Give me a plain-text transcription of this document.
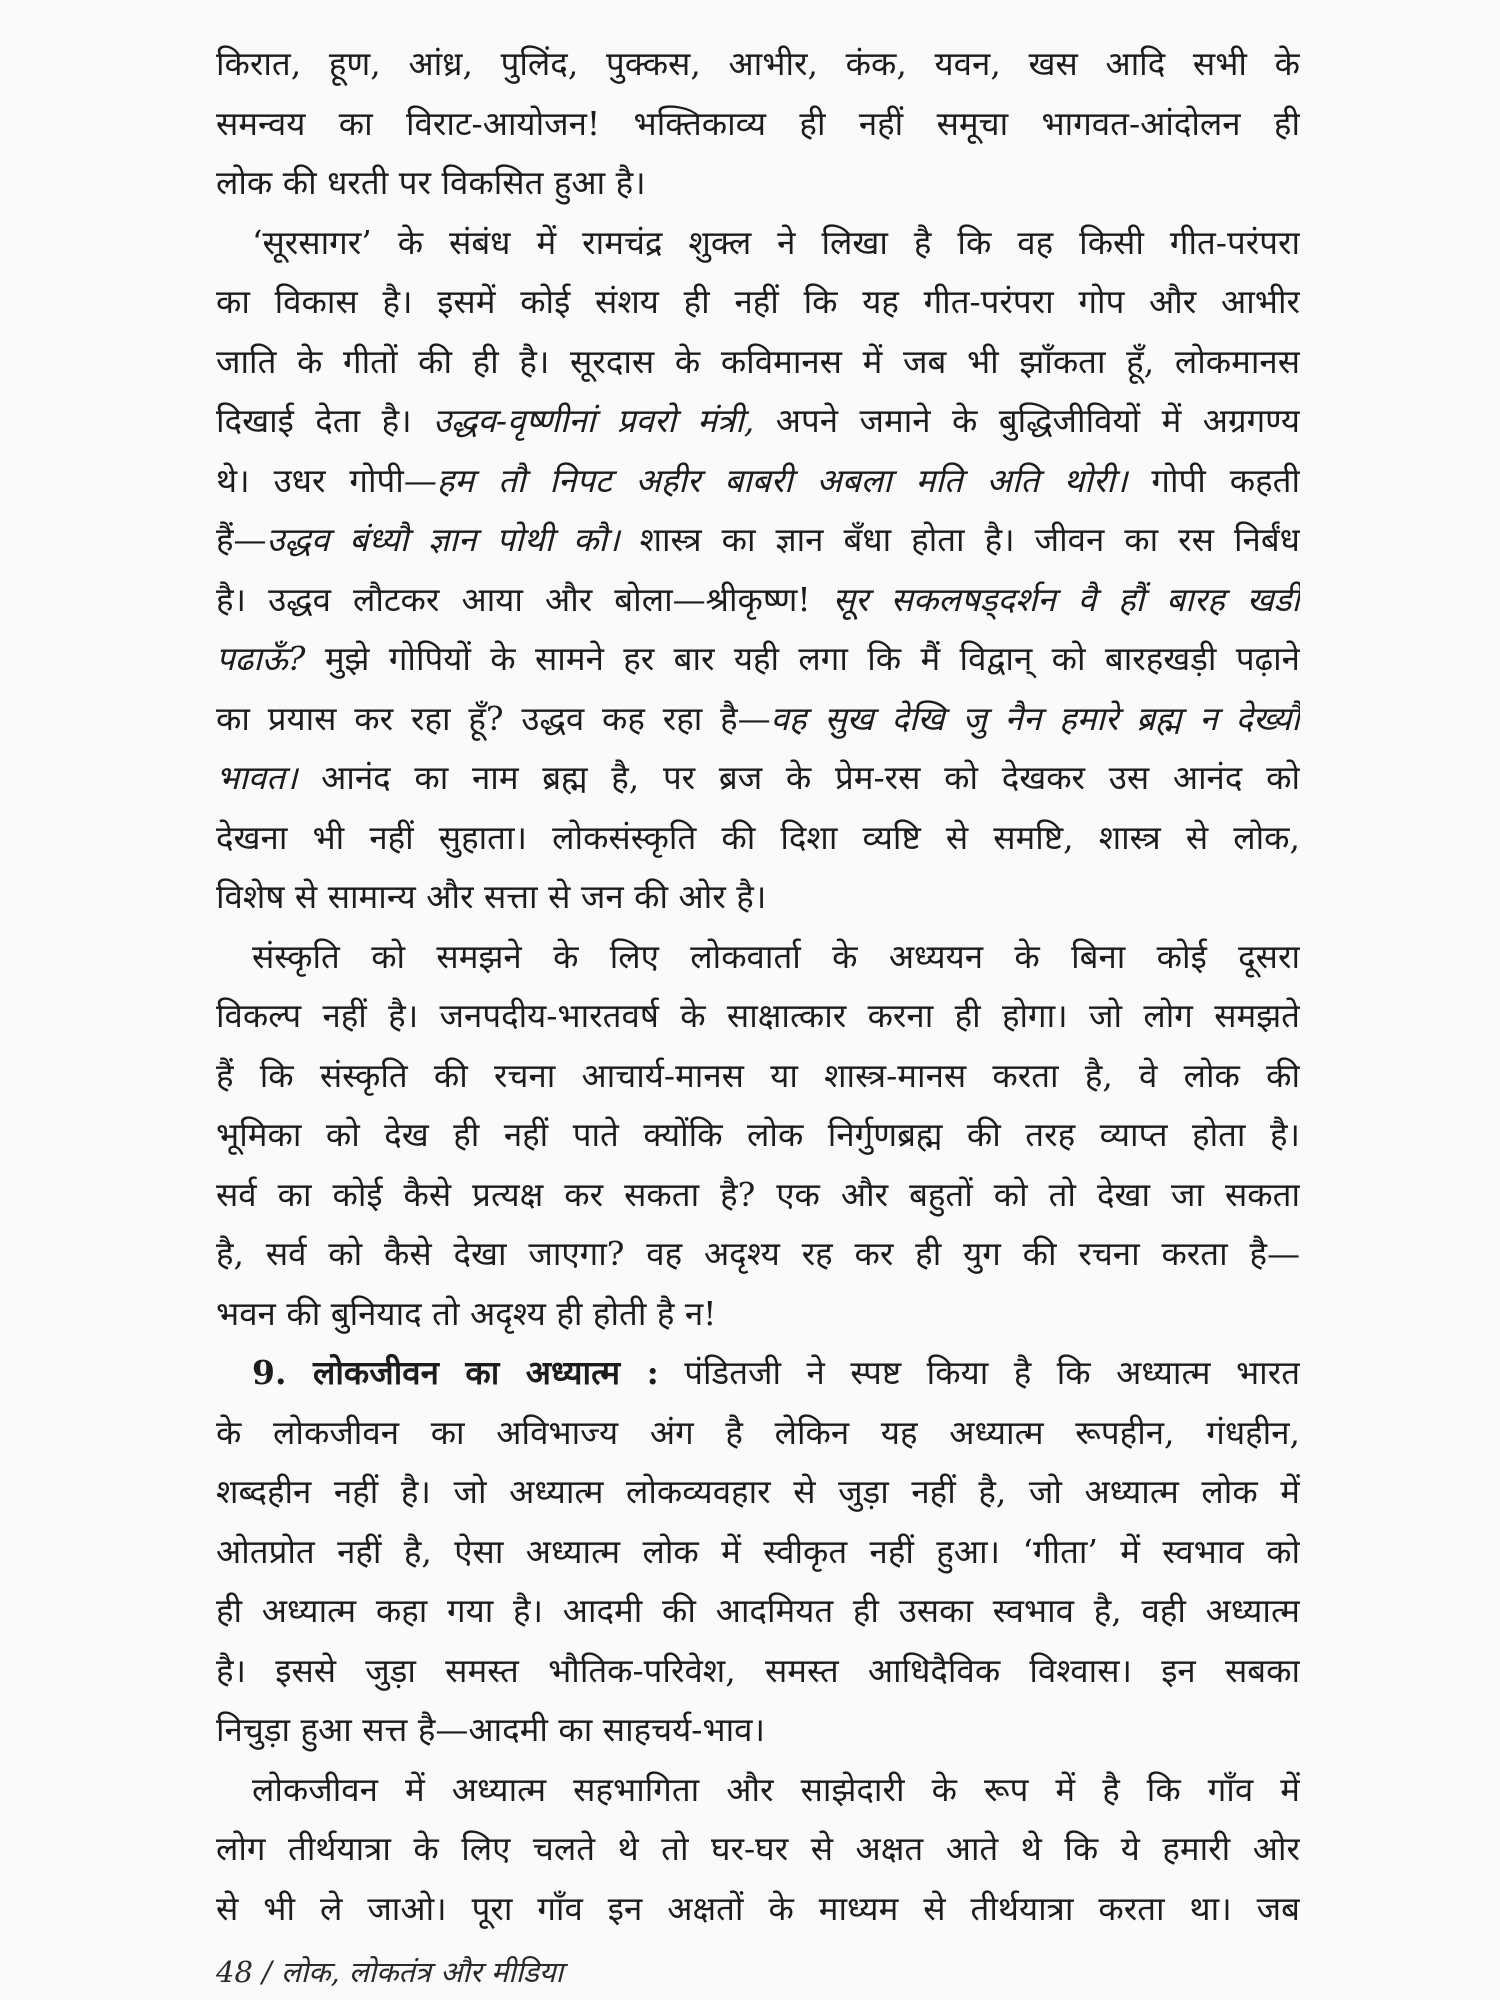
किरात, हूण, आंध्र, पुलिंद, पुक्कस, आभीर, कंक, यवन, खस आदि सभी के
समन्वय का विराट-आयोजन! भक्तिकाव्य ही नहीं समूचा भागवत-आंदोलन ही
लोक की धरती पर विकसित हुआ है।
‘सूरसागर’ के संबंध में रामचंद्र शुक्ल ने लिखा है कि वह किसी गीत-परंपरा
का विकास है। इसमें कोई संशय ही नहीं कि यह गीत-परंपरा गोप और आभीर
जाति के गीतों की ही है। सूरदास के कविमानस में जब भी झाँकता हूँ, लोकमानस
दिखाई देता है। उद्धव-वृष्णीनां प्रवरो मंत्री, अपने जमाने के बुद्धिजीवियों में अग्रगण्य
थे। उधर गोपी—हम तौ निपट अहीर बाबरी अबला मति अति थोरी। गोपी कहती
हैं—उद्धव बंध्यौ ज्ञान पोथी कौ। शास्त्र का ज्ञान बँधा होता है। जीवन का रस निर्बंध
है। उद्धव लौटकर आया और बोला—श्रीकृष्ण! सूर सकलषड्दर्शन वै हौं बारह खडी
पढाऊँ? मुझे गोपियों के सामने हर बार यही लगा कि मैं विद्वान् को बारहखड़ी पढ़ाने
का प्रयास कर रहा हूँ? उद्धव कह रहा है—वह सुख देखि जु नैन हमारे ब्रह्म न देख्यौ
भावत। आनंद का नाम ब्रह्म है, पर ब्रज के प्रेम-रस को देखकर उस आनंद को
देखना भी नहीं सुहाता। लोकसंस्कृति की दिशा व्यष्टि से समष्टि, शास्त्र से लोक,
विशेष से सामान्य और सत्ता से जन की ओर है।
संस्कृति को समझने के लिए लोकवार्ता के अध्ययन के बिना कोई दूसरा
विकल्प नहीं है। जनपदीय-भारतवर्ष के साक्षात्कार करना ही होगा। जो लोग समझते
हैं कि संस्कृति की रचना आचार्य-मानस या शास्त्र-मानस करता है, वे लोक की
भूमिका को देख ही नहीं पाते क्योंकि लोक निर्गुणब्रह्म की तरह व्याप्त होता है।
सर्व का कोई कैसे प्रत्यक्ष कर सकता है? एक और बहुतों को तो देखा जा सकता
है, सर्व को कैसे देखा जाएगा? वह अदृश्य रह कर ही युग की रचना करता है—
भवन की बुनियाद तो अदृश्य ही होती है न!
9. लोकजीवन का अध्यात्म : पंडितजी ने स्पष्ट किया है कि अध्यात्म भारत
के लोकजीवन का अविभाज्य अंग है लेकिन यह अध्यात्म रूपहीन, गंधहीन,
शब्दहीन नहीं है। जो अध्यात्म लोकव्यवहार से जुड़ा नहीं है, जो अध्यात्म लोक में
ओतप्रोत नहीं है, ऐसा अध्यात्म लोक में स्वीकृत नहीं हुआ। ‘गीता’ में स्वभाव को
ही अध्यात्म कहा गया है। आदमी की आदमियत ही उसका स्वभाव है, वही अध्यात्म
है। इससे जुड़ा समस्त भौतिक-परिवेश, समस्त आधिदैविक विश्वास। इन सबका
निचुड़ा हुआ सत्त है—आदमी का साहचर्य-भाव।
लोकजीवन में अध्यात्म सहभागिता और साझेदारी के रूप में है कि गाँव में
लोग तीर्थयात्रा के लिए चलते थे तो घर-घर से अक्षत आते थे कि ये हमारी ओर
से भी ले जाओ। पूरा गाँव इन अक्षतों के माध्यम से तीर्थयात्रा करता था। जब
48 / लोक, लोकतंत्र और मीडिया
